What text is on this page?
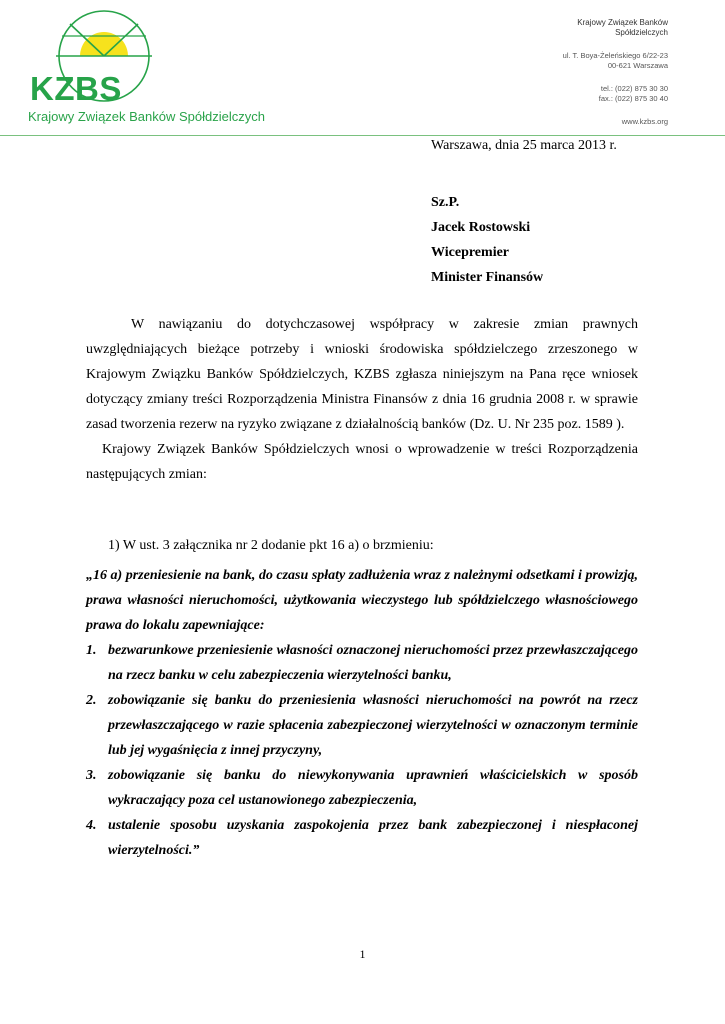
KZBS
Krajowy Związek Banków Spółdzielczych
Krajowy Związek Banków
Spółdzielczych
ul. T. Boya-Żeleńskiego 6/22-23
00-621 Warszawa
tel.: (022) 875 30 30
fax.: (022) 875 30 40
www.kzbs.org
Warszawa, dnia 25 marca 2013 r.
Sz.P.
Jacek Rostowski
Wicepremier
Minister Finansów

W nawiązaniu do dotychczasowej współpracy w zakresie zmian prawnych uwzględniających bieżące potrzeby i wnioski środowiska spółdzielczego zrzeszonego w Krajowym Związku Banków Spółdzielczych, KZBS zgłasza niniejszym na Pana ręce wniosek dotyczący zmiany treści Rozporządzenia Ministra Finansów z dnia 16 grudnia 2008 r. w sprawie zasad tworzenia rezerw na ryzyko związane z działalnością banków (Dz. U. Nr 235 poz. 1589 ).

Krajowy Związek Banków Spółdzielczych wnosi o wprowadzenie w treści Rozporządzenia następujących zmian:

1) W ust. 3 załącznika nr 2 dodanie pkt 16 a) o brzmieniu:

„16 a) przeniesienie na bank, do czasu spłaty zadłużenia wraz z należnymi odsetkami i prowizją, prawa własności nieruchomości, użytkowania wieczystego lub spółdzielczego własnościowego prawa do lokalu zapewniające:

1. bezwarunkowe przeniesienie własności oznaczonej nieruchomości przez przewłaszczającego na rzecz banku w celu zabezpieczenia wierzytelności banku,
2. zobowiązanie się banku do przeniesienia własności nieruchomości na powrót na rzecz przewłaszczającego w razie spłacenia zabezpieczonej wierzytelności w oznaczonym terminie lub jej wygaśnięcia z innej przyczyny,
3. zobowiązanie się banku do niewykonywania uprawnień właścicielskich w sposób wykraczający poza cel ustanowionego zabezpieczenia,
4. ustalenie sposobu uzyskania zaspokojenia przez bank zabezpieczonej i niespłaconej wierzytelności.”
1
